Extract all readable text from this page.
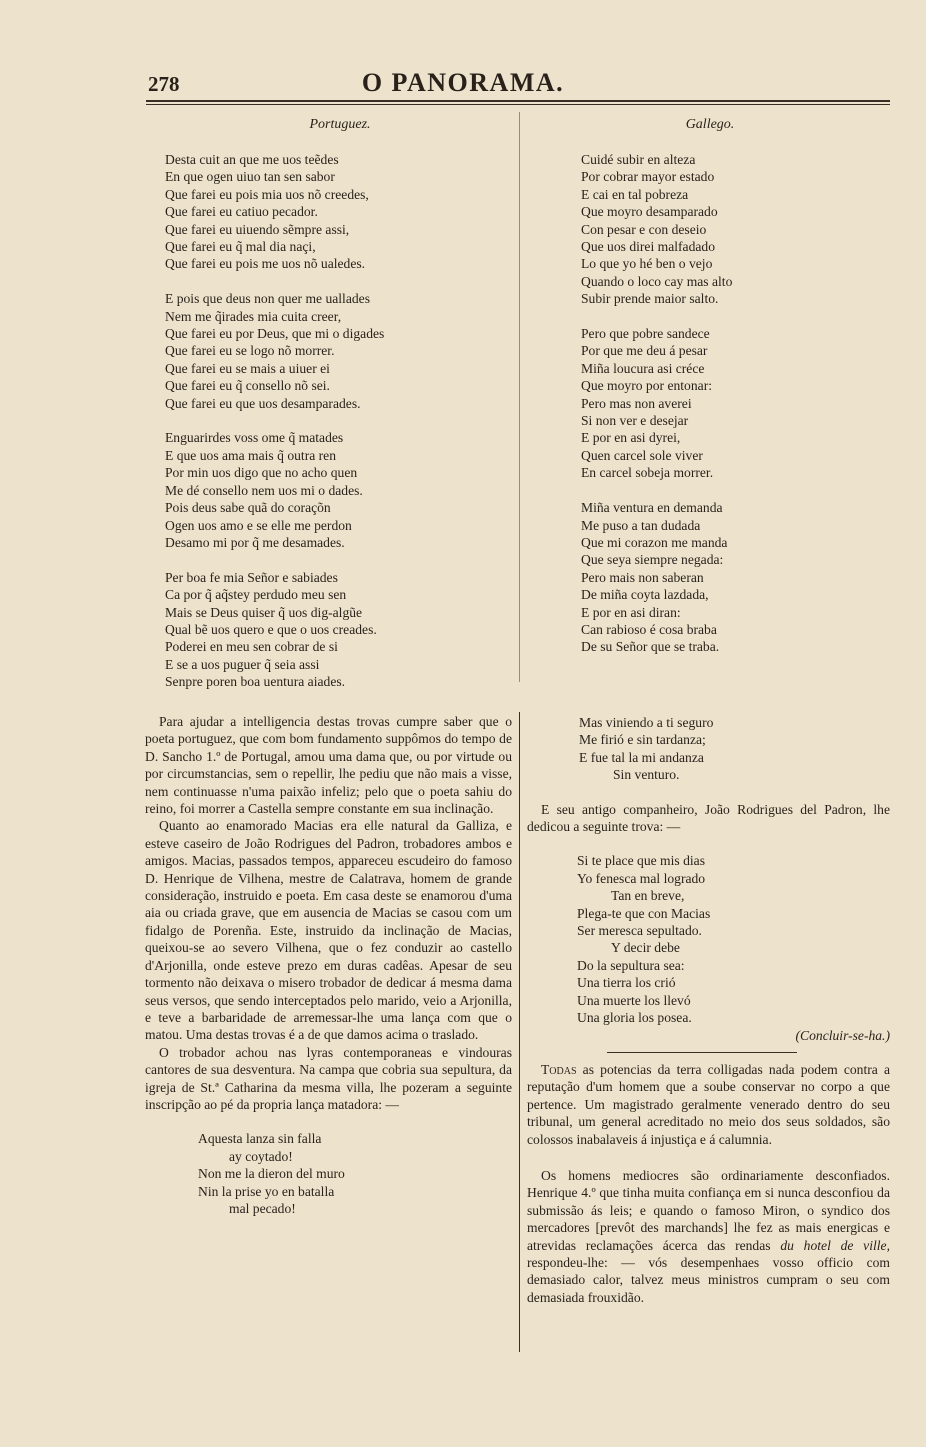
278	O PANORAMA.
Portuguez.	Gallego.
Desta cuit an que me uos teẽdes
En que ogen uiuo tan sen sabor
Que farei eu pois mia uos nõ creedes,
Que farei eu catiuo pecador.
Que farei eu uiuendo sẽmpre assi,
Que farei eu q̃ mal dia naçi,
Que farei eu pois me uos nõ ualedes.
E pois que deus non quer me uallades
Nem me q̃irades mia cuita creer,
Que farei eu por Deus, que mi o digades
Que farei eu se logo nõ morrer.
Que farei eu se mais a uiuer ei
Que farei eu q̃ consello nõ sei.
Que farei eu que uos desamparades.
Enguarirdes voss ome q̃ matades
E que uos ama mais q̃ outra ren
Por min uos digo que no acho quen
Me dé consello nem uos mi o dades.
Pois deus sabe quã do coraçõn
Ogen uos amo e se elle me perdon
Desamo mi por q̃ me desamades.
Per boa fe mia Señor e sabiades
Ca por q̃ aq̃stey perdudo meu sen
Mais se Deus quiser q̃ uos dig-algũe
Qual bẽ uos quero e que o uos creades.
Poderei en meu sen cobrar de si
E se a uos puguer q̃ seia assi
Senpre poren boa uentura aiades.
Cuidé subir en alteza
Por cobrar mayor estado
E cai en tal pobreza
Que moyro desamparado
Con pesar e con deseio
Que uos direi malfadado
Lo que yo hé ben o vejo
Quando o loco cay mas alto
Subir prende maior salto.
Pero que pobre sandece
Por que me deu á pesar
Miña loucura asi créce
Que moyro por entonar:
Pero mas non averei
Si non ver e desejar
E por en asi dyrei,
Quen carcel sole viver
En carcel sobeja morrer.
Miña ventura en demanda
Me puso a tan dudada
Que mi corazon me manda
Que seya siempre negada:
Pero mais non saberan
De miña coyta lazdada,
E por en asi diran:
Can rabioso é cosa braba
De su Señor que se traba.

Para ajudar a intelligencia destas trovas cumpre saber que o poeta portuguez, que com bom fundamento suppômos do tempo de D. Sancho 1.º de Portugal, amou uma dama que, ou por virtude ou por circumstancias, sem o repellir, lhe pediu que não mais a visse, nem continuasse n'uma paixão infeliz; pelo que o poeta sahiu do reino, foi morrer a Castella sempre constante em sua inclinação.

Quanto ao enamorado Macias era elle natural da Galliza, e esteve caseiro de João Rodrigues del Padron, trobadores ambos e amigos. Macias, passados tempos, appareceu escudeiro do famoso D. Henrique de Vilhena, mestre de Calatrava, homem de grande consideração, instruido e poeta. Em casa deste se enamorou d'uma aia ou criada grave, que em ausencia de Macias se casou com um fidalgo de Porenña. Este, instruido da inclinação de Macias, queixou-se ao severo Vilhena, que o fez conduzir ao castello d'Arjonilla, onde esteve prezo em duras cadêas. Apesar de seu tormento não deixava o misero trobador de dedicar á mesma dama seus versos, que sendo interceptados pelo marido, veio a Arjonilla, e teve a barbaridade de arremessar-lhe uma lança com que o matou. Uma destas trovas é a de que damos acima o traslado.

O trobador achou nas lyras contemporaneas e vindouras cantores de sua desventura. Na campa que cobria sua sepultura, da igreja de St.ª Catharina da mesma villa, lhe pozeram a seguinte inscripção ao pé da propria lança matadora: —

Aquesta lanza sin falla
ay coytado!
Non me la dieron del muro
Nin la prise yo en batalla
mal pecado!
Mas viniendo a ti seguro
Me firió e sin tardanza;
E fue tal la mi andanza
Sin venturo.

E seu antigo companheiro, João Rodrigues del Padron, lhe dedicou a seguinte trova: —

Si te place que mis dias
Yo fenesca mal logrado
Tan en breve,
Plega-te que con Macias
Ser meresca sepultado.
Y decir debe
Do la sepultura sea:
Una tierra los crió
Una muerte los llevó
Una gloria los posea.
(Concluir-se-ha.)

Todas as potencias da terra colligadas nada podem contra a reputação d'um homem que a soube conservar no corpo a que pertence. Um magistrado geralmente venerado dentro do seu tribunal, um general acreditado no meio dos seus soldados, são colossos inabalaveis á injustiça e á calumnia.

Os homens mediocres são ordinariamente desconfiados. Henrique 4.º que tinha muita confiança em si nunca desconfiou da submissão ás leis; e quando o famoso Miron, o syndico dos mercadores [prevôt des marchands] lhe fez as mais energicas e atrevidas reclamações ácerca das rendas du hotel de ville, respondeu-lhe: — vós desempenhaes vosso officio com demasiado calor, talvez meus ministros cumpram o seu com demasiada frouxidão.
